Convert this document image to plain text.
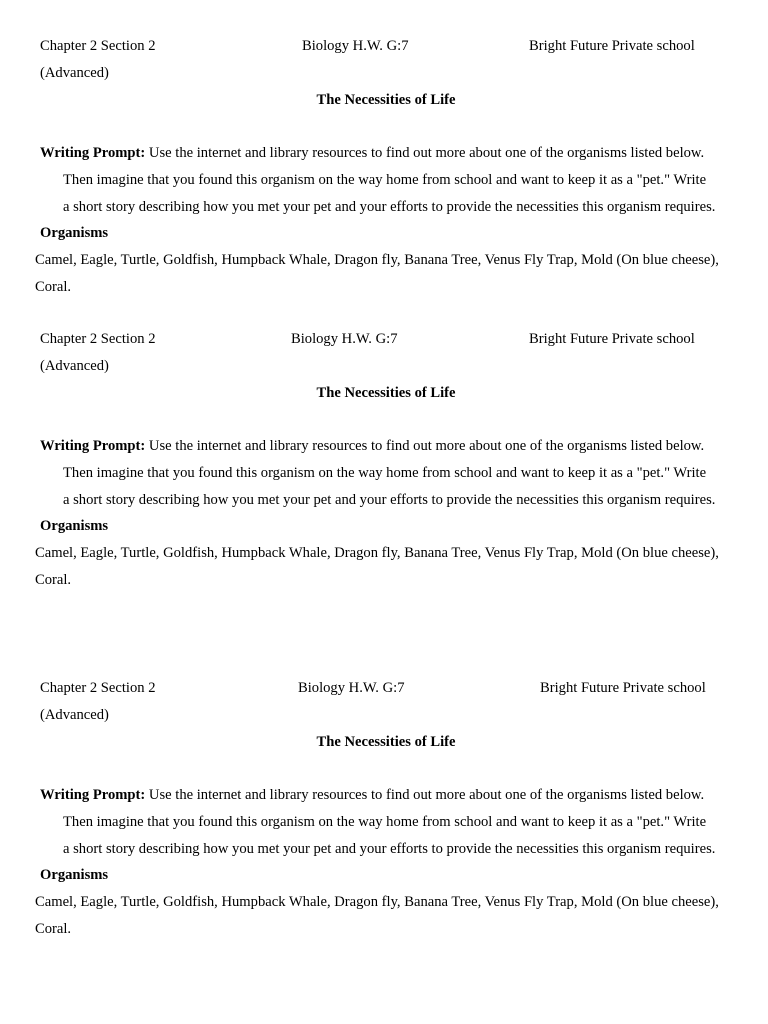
Chapter 2 Section 2	Biology H.W. G:7	Bright Future Private school
(Advanced)
The Necessities of Life
Writing Prompt: Use the internet and library resources to find out more about one of the organisms listed below.
Then imagine that you found this organism on the way home from school and want to keep it as a "pet." Write
a short story describing how you met your pet and your efforts to provide the necessities this organism requires.
Organisms
Camel, Eagle, Turtle, Goldfish, Humpback Whale, Dragon fly, Banana Tree, Venus Fly Trap, Mold (On blue cheese),
Coral.
Chapter 2 Section 2	Biology H.W. G:7	Bright Future Private school
(Advanced)
The Necessities of Life
Writing Prompt: Use the internet and library resources to find out more about one of the organisms listed below.
Then imagine that you found this organism on the way home from school and want to keep it as a "pet." Write
a short story describing how you met your pet and your efforts to provide the necessities this organism requires.
Organisms
Camel, Eagle, Turtle, Goldfish, Humpback Whale, Dragon fly, Banana Tree, Venus Fly Trap, Mold (On blue cheese),
Coral.
Chapter 2 Section 2	Biology H.W. G:7	Bright Future Private school
(Advanced)
The Necessities of Life
Writing Prompt: Use the internet and library resources to find out more about one of the organisms listed below.
Then imagine that you found this organism on the way home from school and want to keep it as a "pet." Write
a short story describing how you met your pet and your efforts to provide the necessities this organism requires.
Organisms
Camel, Eagle, Turtle, Goldfish, Humpback Whale, Dragon fly, Banana Tree, Venus Fly Trap, Mold (On blue cheese),
Coral.
